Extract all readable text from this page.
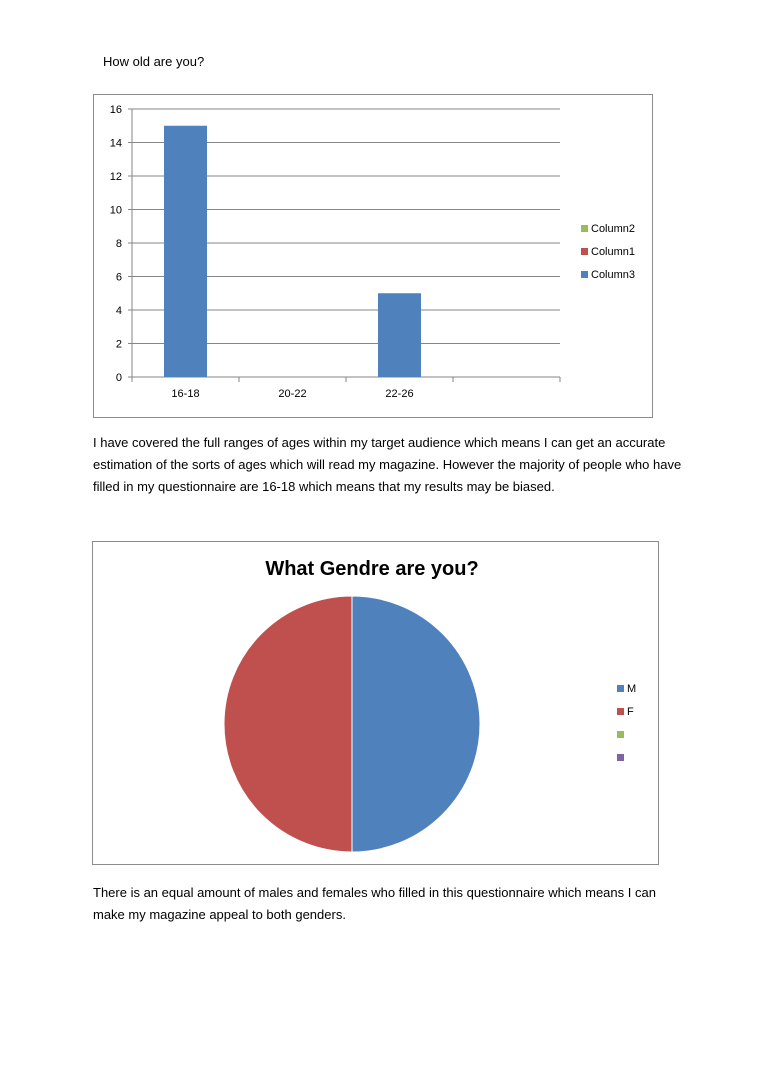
How old are you?
0
2
4
6
8
10
12
14
16
16-18	20-22	22-26
Column2
Column1
Column3
I have covered the full ranges of ages within my target audience which means I can get an accurate estimation of the sorts of ages which will read my magazine. However the majority of people who have filled in my questionnaire are 16-18 which means that my results may be biased.
What Gendre are you?
M
F
There is an equal amount of males and females who filled in this questionnaire which means I can make my magazine appeal to both genders.
